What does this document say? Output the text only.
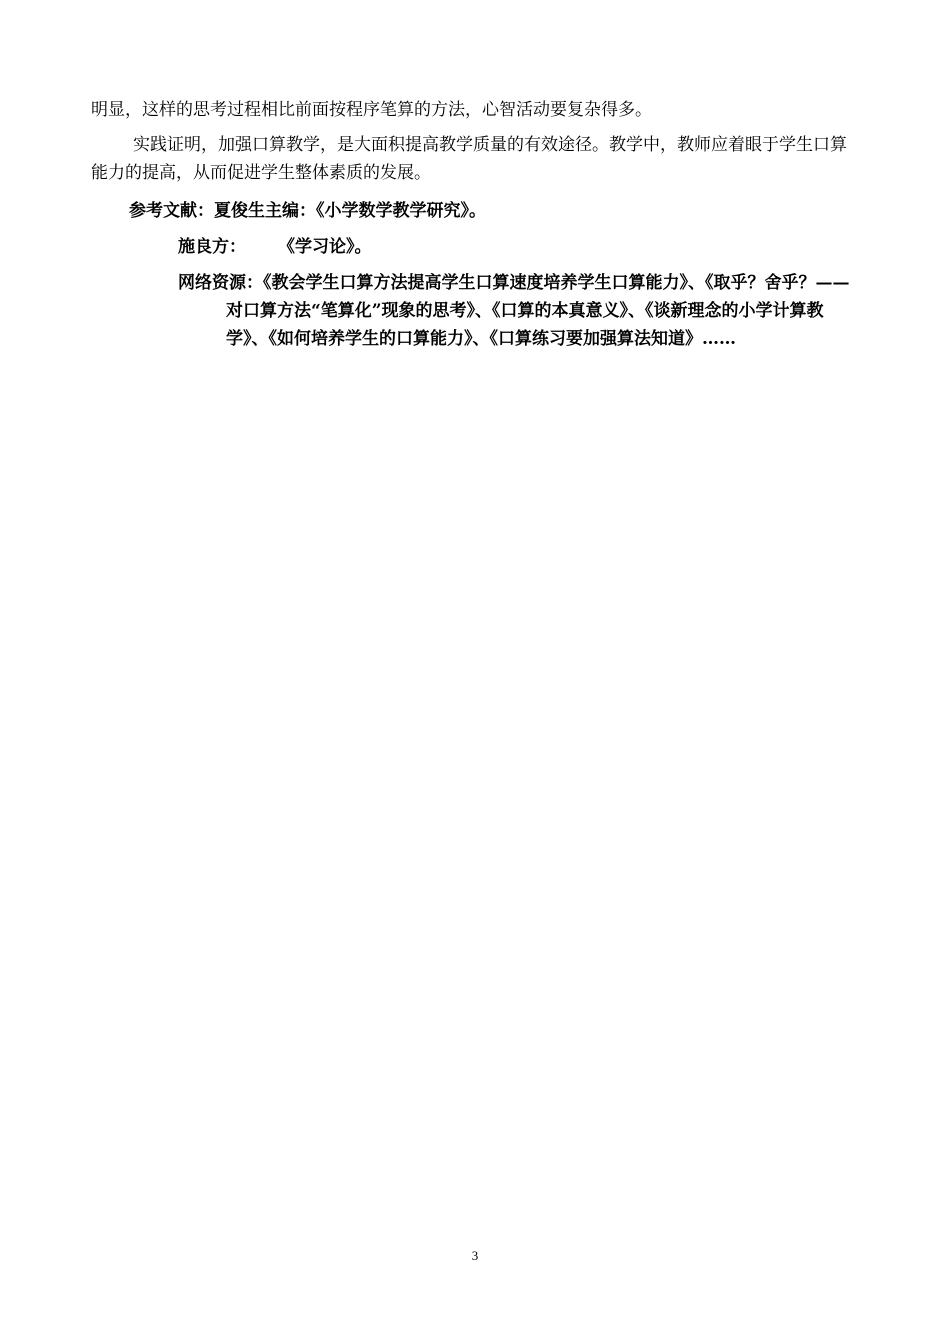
明显，这样的思考过程相比前面按程序笔算的方法，心智活动要复杂得多。

实践证明，加强口算教学，是大面积提高教学质量的有效途径。教学中，教师应着眼于学生口算能力的提高，从而促进学生整体素质的发展。

参考文献：夏俊生主编：《小学数学教学研究》。

施良方： 《学习论》。

网络资源：《教会学生口算方法提高学生口算速度培养学生口算能力》、《取乎？舍乎？——对口算方法“笔算化”现象的思考》、《口算的本真意义》、《谈新理念的小学计算教学》、《如何培养学生的口算能力》、《口算练习要加强算法知道》……

3
